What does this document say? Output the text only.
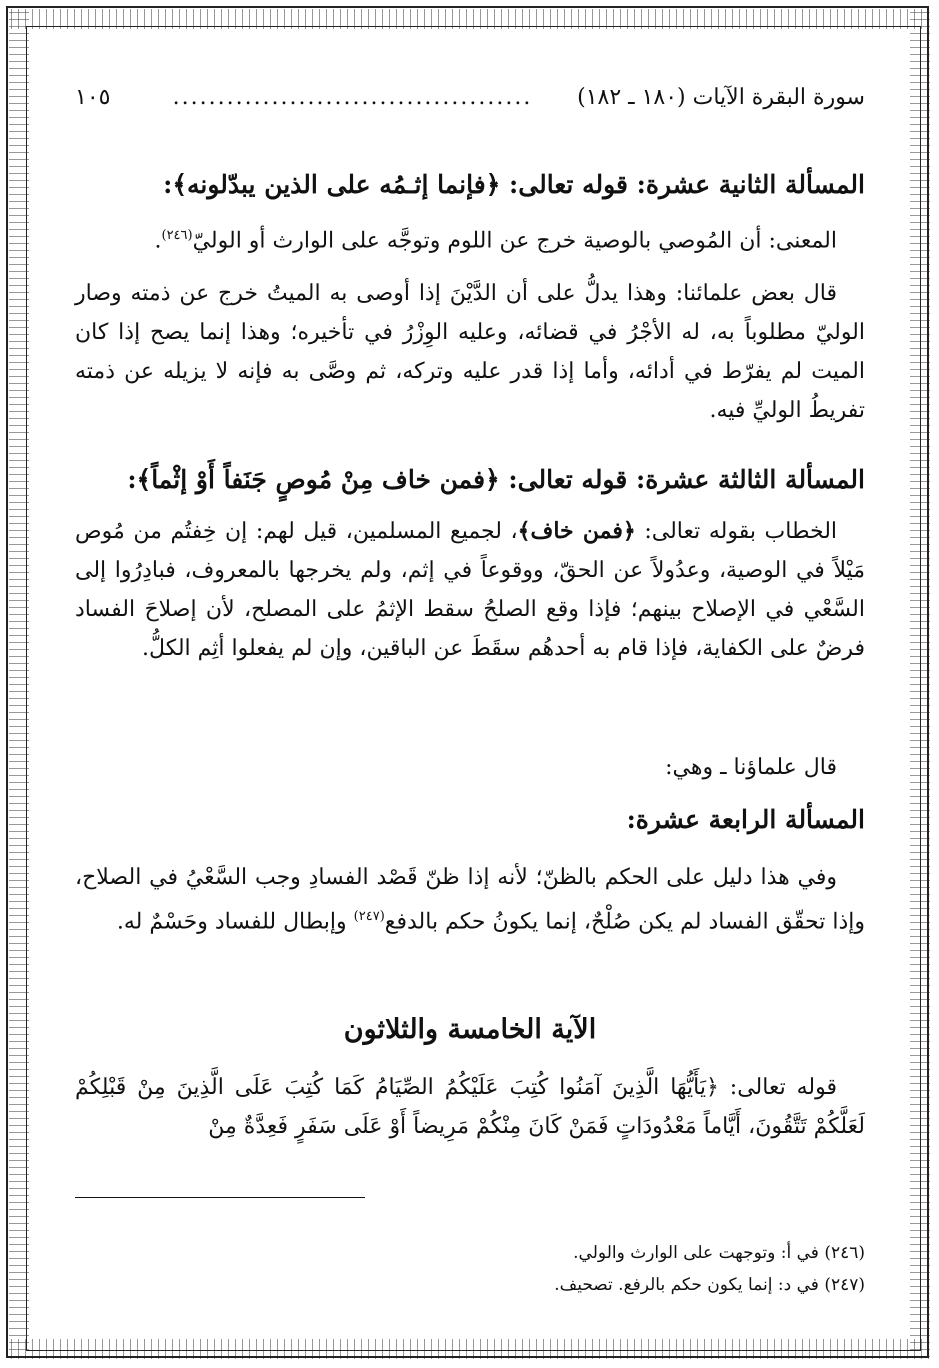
سورة البقرة الآيات (١٨٠ ـ ١٨٢)
........................................
١٠٥
المسألة الثانية عشرة: قوله تعالى: ﴿فإنما إثـمُه على الذين يبدّلونه﴾:
المعنى: أن المُوصي بالوصية خرج عن اللوم وتوجَّه على الوارث أو الوليّ$^{(٢٤٦)}$.
قال بعض علمائنا: وهذا يدلُّ على أن الدَّيْنَ إذا أوصى به الميتُ خرج عن ذمته وصار الوليّ مطلوباً به، له الأجْرُ في قضائه، وعليه الوِزْرُ في تأخيره؛ وهذا إنما يصح إذا كان الميت لم يفرّط في أدائه، وأما إذا قدر عليه وتركه، ثم وصَّى به فإنه لا يزيله عن ذمته تفريطُ الوليِّ فيه.
المسألة الثالثة عشرة: قوله تعالى: ﴿فمن خاف مِنْ مُوصٍ جَنَفاً أَوْ إثْماً﴾:
الخطاب بقوله تعالى: ﴿فمن خاف﴾، لجميع المسلمين، قيل لهم: إن خِفتُم من مُوص مَيْلاً في الوصية، وعدُولاً عن الحقّ، ووقوعاً في إثم، ولم يخرجها بالمعروف، فبادِرُوا إلى السَّعْي في الإصلاح بينهم؛ فإذا وقع الصلحُ سقط الإثمُ على المصلح، لأن إصلاحَ الفساد فرضٌ على الكفاية، فإذا قام به أحدهُم سقَطَ عن الباقين، وإن لم يفعلوا أثِم الكلُّ.
قال علماؤنا ـ وهي:
المسألة الرابعة عشرة:
وفي هذا دليل على الحكم بالظنّ؛ لأنه إذا ظنّ قَصْد الفسادِ وجب السَّعْيُ في الصلاح، وإذا تحقّق الفساد لم يكن صُلْحٌ، إنما يكونُ حكم بالدفع$^{(٢٤٧)}$ وإبطال للفساد وحَسْمٌ له.
الآية الخامسة والثلاثون
قوله تعالى: ﴿يَأَيُّهَا الَّذِينَ آمَنُوا كُتِبَ عَلَيْكُمُ الصِّيَامُ كَمَا كُتِبَ عَلَى الَّذِينَ مِنْ قَبْلِكُمْ لَعَلَّكُمْ تَتَّقُونَ، أَيَّاماً مَعْدُودَاتٍ فَمَنْ كَانَ مِنْكُمْ مَرِيضاً أَوْ عَلَى سَفَرٍ فَعِدَّةٌ مِنْ
(٢٤٦) في أ: وتوجهت على الوارث والولي.
(٢٤٧) في د: إنما يكون حكم بالرفع. تصحيف.
